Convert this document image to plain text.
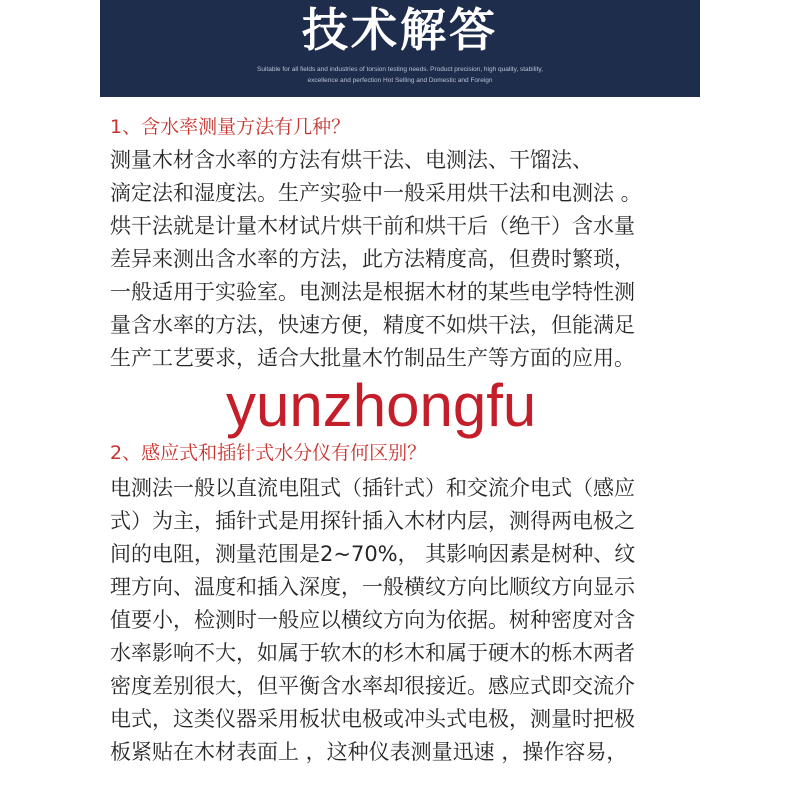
技术解答
Suitable for all fields and industries of torsion testing needs. Product precision, high quality, stability,
excellence and perfection Hot Selling and Domestic and Foreign
1、含水率测量方法有几种？
测量木材含水率的方法有烘干法、电测法、干馏法、
滴定法和湿度法。生产实验中一般采用烘干法和电测法 。
烘干法就是计量木材试片烘干前和烘干后（绝干）含水量
差异来测出含水率的方法，此方法精度高，但费时繁琐，
一般适用于实验室。电测法是根据木材的某些电学特性测
量含水率的方法，快速方便，精度不如烘干法，但能满足
生产工艺要求，适合大批量木竹制品生产等方面的应用。
yunzhongfu
2、感应式和插针式水分仪有何区别？
电测法一般以直流电阻式（插针式）和交流介电式（感应
式）为主，插针式是用探针插入木材内层，测得两电极之
间的电阻，测量范围是2~70%， 其影响因素是树种、纹
理方向、温度和插入深度，一般横纹方向比顺纹方向显示
值要小，检测时一般应以横纹方向为依据。树种密度对含
水率影响不大，如属于软木的杉木和属于硬木的栎木两者
密度差别很大，但平衡含水率却很接近。感应式即交流介
电式，这类仪器采用板状电极或冲头式电极，测量时把极
板紧贴在木材表面上 ，这种仪表测量迅速 ，操作容易，
